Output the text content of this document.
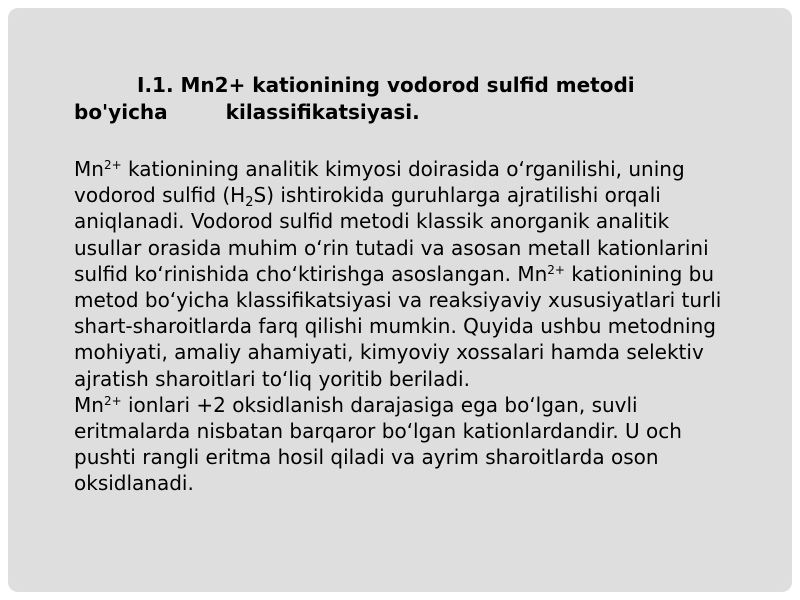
I.1. Mn2+ kationining vodorod sulfid metodi
bo'yicha	kilassifikatsiyasi.

$Mn^{2+}$ kationining analitik kimyosi doirasida o‘rganilishi, uning vodorod sulfid $(H_2S)$ ishtirokida guruhlarga ajratilishi orqali aniqlanadi. Vodorod sulfid metodi klassik anorganik analitik usullar orasida muhim o‘rin tutadi va asosan metall kationlarini sulfid ko‘rinishida cho‘ktirishga asoslangan. $Mn^{2+}$ kationining bu metod bo‘yicha klassifikatsiyasi va reaksiyaviy xususiyatlari turli shart-sharoitlarda farq qilishi mumkin. Quyida ushbu metodning mohiyati, amaliy ahamiyati, kimyoviy xossalari hamda selektiv ajratish sharoitlari to‘liq yoritib beriladi.

$Mn^{2+}$ ionlari +2 oksidlanish darajasiga ega bo‘lgan, suvli eritmalarda nisbatan barqaror bo‘lgan kationlardandir. U och pushti rangli eritma hosil qiladi va ayrim sharoitlarda oson oksidlanadi.
